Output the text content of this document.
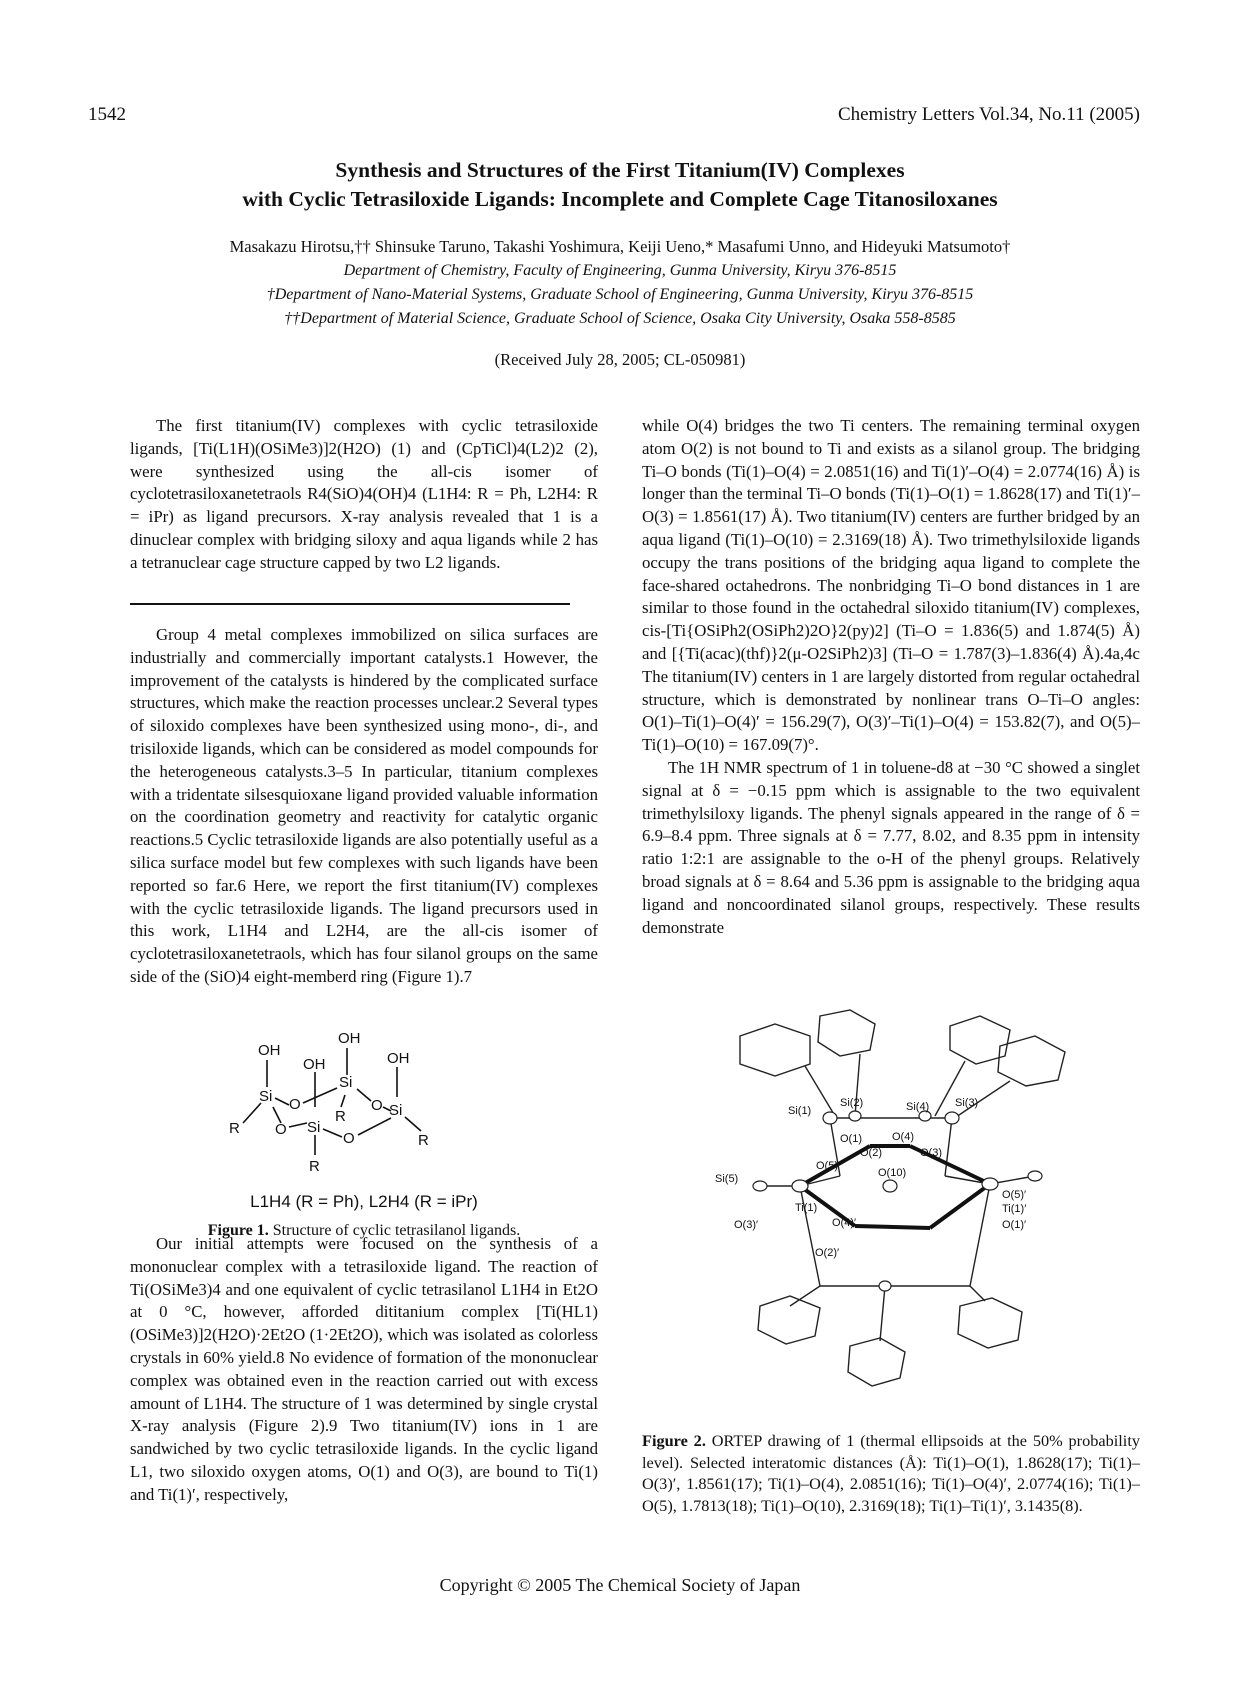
1542	Chemistry Letters Vol.34, No.11 (2005)
Synthesis and Structures of the First Titanium(IV) Complexes
with Cyclic Tetrasiloxide Ligands: Incomplete and Complete Cage Titanosiloxanes
Masakazu Hirotsu,†† Shinsuke Taruno, Takashi Yoshimura, Keiji Ueno,* Masafumi Unno, and Hideyuki Matsumoto†
Department of Chemistry, Faculty of Engineering, Gunma University, Kiryu 376-8515
†Department of Nano-Material Systems, Graduate School of Engineering, Gunma University, Kiryu 376-8515
††Department of Material Science, Graduate School of Science, Osaka City University, Osaka 558-8585
(Received July 28, 2005; CL-050981)

The first titanium(IV) complexes with cyclic tetrasiloxide ligands, [Ti(L1H)(OSiMe3)]2(H2O) (1) and (CpTiCl)4(L2)2 (2), were synthesized using the all-cis isomer of cyclotetrasiloxanetetraols R4(SiO)4(OH)4 (L1H4: R = Ph, L2H4: R = iPr) as ligand precursors. X-ray analysis revealed that 1 is a dinuclear complex with bridging siloxy and aqua ligands while 2 has a tetranuclear cage structure capped by two L2 ligands.

Group 4 metal complexes immobilized on silica surfaces are industrially and commercially important catalysts.1 However, the improvement of the catalysts is hindered by the complicated surface structures, which make the reaction processes unclear.2 Several types of siloxido complexes have been synthesized using mono-, di-, and trisiloxide ligands, which can be considered as model compounds for the heterogeneous catalysts.3–5 In particular, titanium complexes with a tridentate silsesquioxane ligand provided valuable information on the coordination geometry and reactivity for catalytic organic reactions.5 Cyclic tetrasiloxide ligands are also potentially useful as a silica surface model but few complexes with such ligands have been reported so far.6 Here, we report the first titanium(IV) complexes with the cyclic tetrasiloxide ligands. The ligand precursors used in this work, L1H4 and L2H4, are the all-cis isomer of cyclotetrasiloxanetetraols, which has four silanol groups on the same side of the (SiO)4 eight-memberd ring (Figure 1).7

OH
OH
OH	OH
Si
Si
Si
Si
O	O
O
O
R
R
R
R
L1H4 (R = Ph), L2H4 (R = iPr)
Figure 1. Structure of cyclic tetrasilanol ligands.

Our initial attempts were focused on the synthesis of a mononuclear complex with a tetrasiloxide ligand. The reaction of Ti(OSiMe3)4 and one equivalent of cyclic tetrasilanol L1H4 in Et2O at 0 °C, however, afforded dititanium complex [Ti(HL1)(OSiMe3)]2(H2O)·2Et2O (1·2Et2O), which was isolated as colorless crystals in 60% yield.8 No evidence of formation of the mononuclear complex was obtained even in the reaction carried out with excess amount of L1H4. The structure of 1 was determined by single crystal X-ray analysis (Figure 2).9 Two titanium(IV) ions in 1 are sandwiched by two cyclic tetrasiloxide ligands. In the cyclic ligand L1, two siloxido oxygen atoms, O(1) and O(3), are bound to Ti(1) and Ti(1)′, respectively,

while O(4) bridges the two Ti centers. The remaining terminal oxygen atom O(2) is not bound to Ti and exists as a silanol group. The bridging Ti–O bonds (Ti(1)–O(4) = 2.0851(16) and Ti(1)′–O(4) = 2.0774(16) Å) is longer than the terminal Ti–O bonds (Ti(1)–O(1) = 1.8628(17) and Ti(1)′–O(3) = 1.8561(17) Å). Two titanium(IV) centers are further bridged by an aqua ligand (Ti(1)–O(10) = 2.3169(18) Å). Two trimethylsiloxide ligands occupy the trans positions of the bridging aqua ligand to complete the face-shared octahedrons. The nonbridging Ti–O bond distances in 1 are similar to those found in the octahedral siloxido titanium(IV) complexes, cis-[Ti{OSiPh2(OSiPh2)2O}2(py)2] (Ti–O = 1.836(5) and 1.874(5) Å) and [{Ti(acac)(thf)}2(μ-O2SiPh2)3] (Ti–O = 1.787(3)–1.836(4) Å).4a,4c The titanium(IV) centers in 1 are largely distorted from regular octahedral structure, which is demonstrated by nonlinear trans O–Ti–O angles: O(1)–Ti(1)–O(4)′ = 156.29(7), O(3)′–Ti(1)–O(4) = 153.82(7), and O(5)–Ti(1)–O(10) = 167.09(7)°.

The 1H NMR spectrum of 1 in toluene-d8 at −30 °C showed a singlet signal at δ = −0.15 ppm which is assignable to the two equivalent trimethylsiloxy ligands. The phenyl signals appeared in the range of δ = 6.9–8.4 ppm. Three signals at δ = 7.77, 8.02, and 8.35 ppm in intensity ratio 1:2:1 are assignable to the o-H of the phenyl groups. Relatively broad signals at δ = 8.64 and 5.36 ppm is assignable to the bridging aqua ligand and noncoordinated silanol groups, respectively. These results demonstrate

Si(1)
Si(2)	Si(4) Si(3)
O(1)	O(4)
O(2)	O(3)
O(5)
Si(5)	O(10)
O(5)′
Ti(1)	Ti(1)′
O(4)′	O(1)′
O(3)′
O(2)′
Figure 2. ORTEP drawing of 1 (thermal ellipsoids at the 50% probability level). Selected interatomic distances (Å): Ti(1)–O(1), 1.8628(17); Ti(1)–O(3)′, 1.8561(17); Ti(1)–O(4), 2.0851(16); Ti(1)–O(4)′, 2.0774(16); Ti(1)–O(5), 1.7813(18); Ti(1)–O(10), 2.3169(18); Ti(1)–Ti(1)′, 3.1435(8).
Copyright © 2005 The Chemical Society of Japan
